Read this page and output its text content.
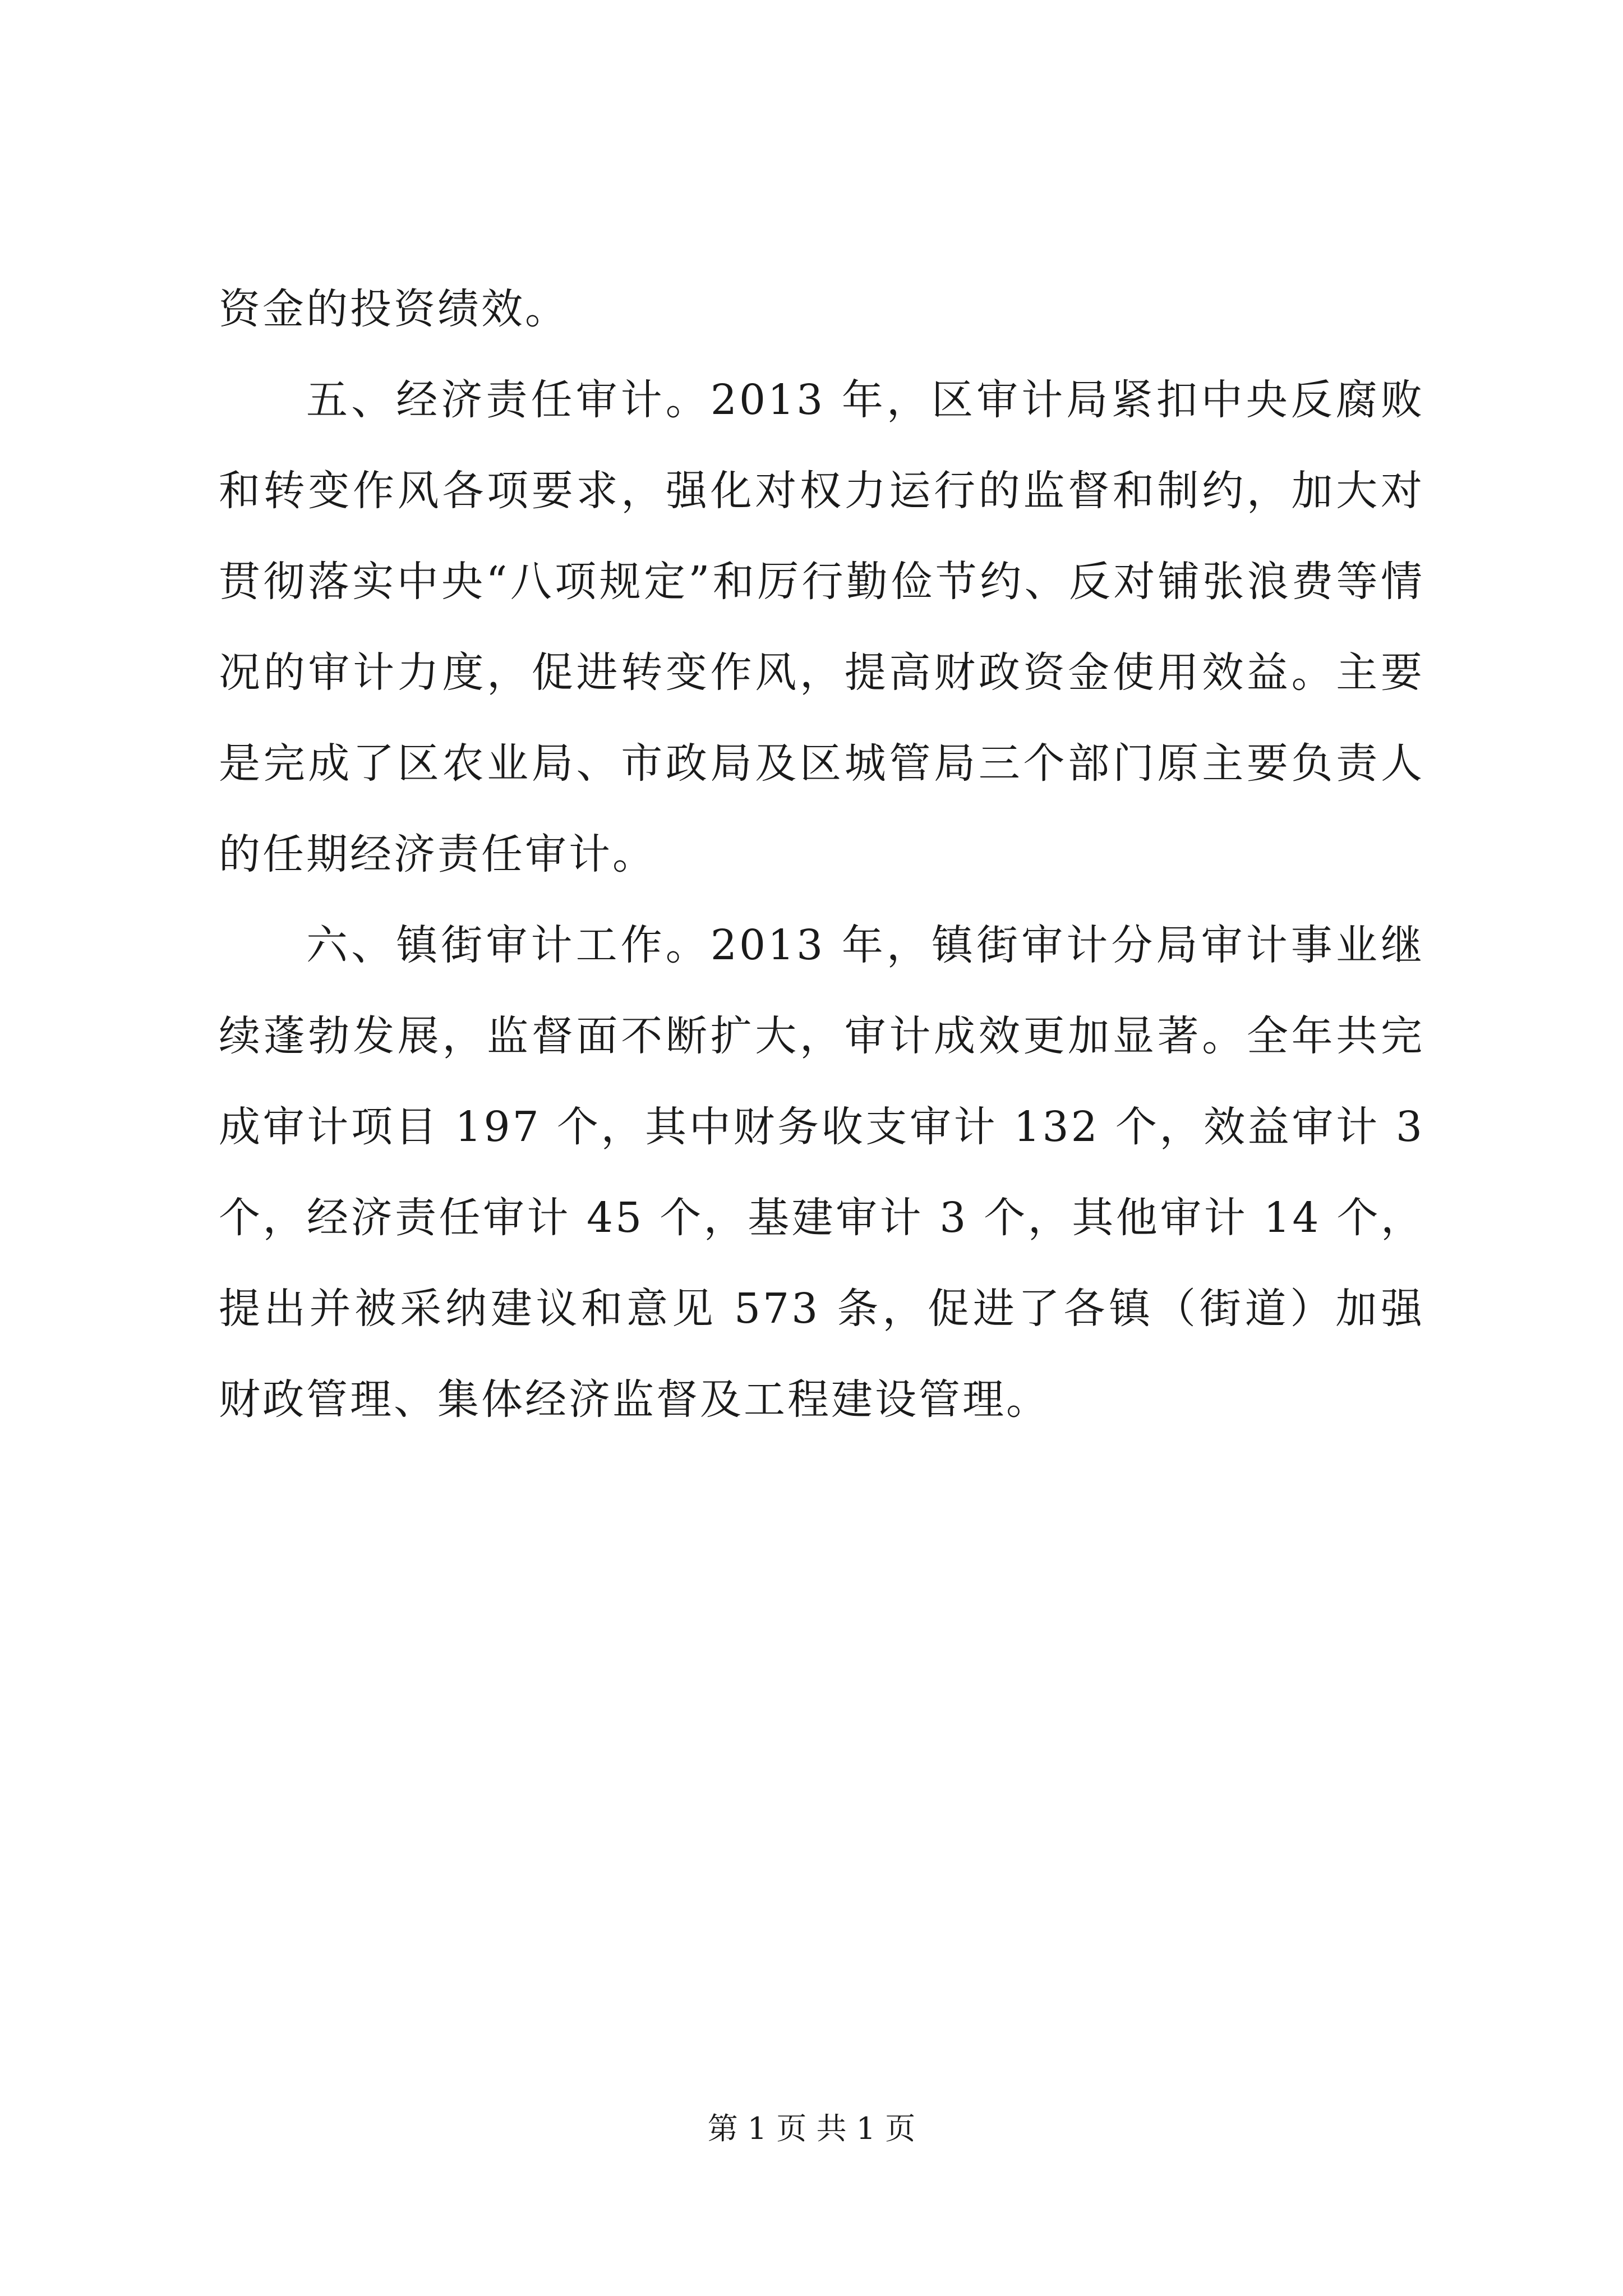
资金的投资绩效。

五、经济责任审计。2013 年，区审计局紧扣中央反腐败和转变作风各项要求，强化对权力运行的监督和制约，加大对贯彻落实中央“八项规定”和厉行勤俭节约、反对铺张浪费等情况的审计力度，促进转变作风，提高财政资金使用效益。主要是完成了区农业局、市政局及区城管局三个部门原主要负责人的任期经济责任审计。

六、镇街审计工作。2013 年，镇街审计分局审计事业继续蓬勃发展，监督面不断扩大，审计成效更加显著。全年共完成审计项目 197 个，其中财务收支审计 132 个，效益审计 3 个，经济责任审计 45 个，基建审计 3 个，其他审计 14 个，提出并被采纳建议和意见 573 条，促进了各镇（街道）加强财政管理、集体经济监督及工程建设管理。

第 1 页 共 1 页
